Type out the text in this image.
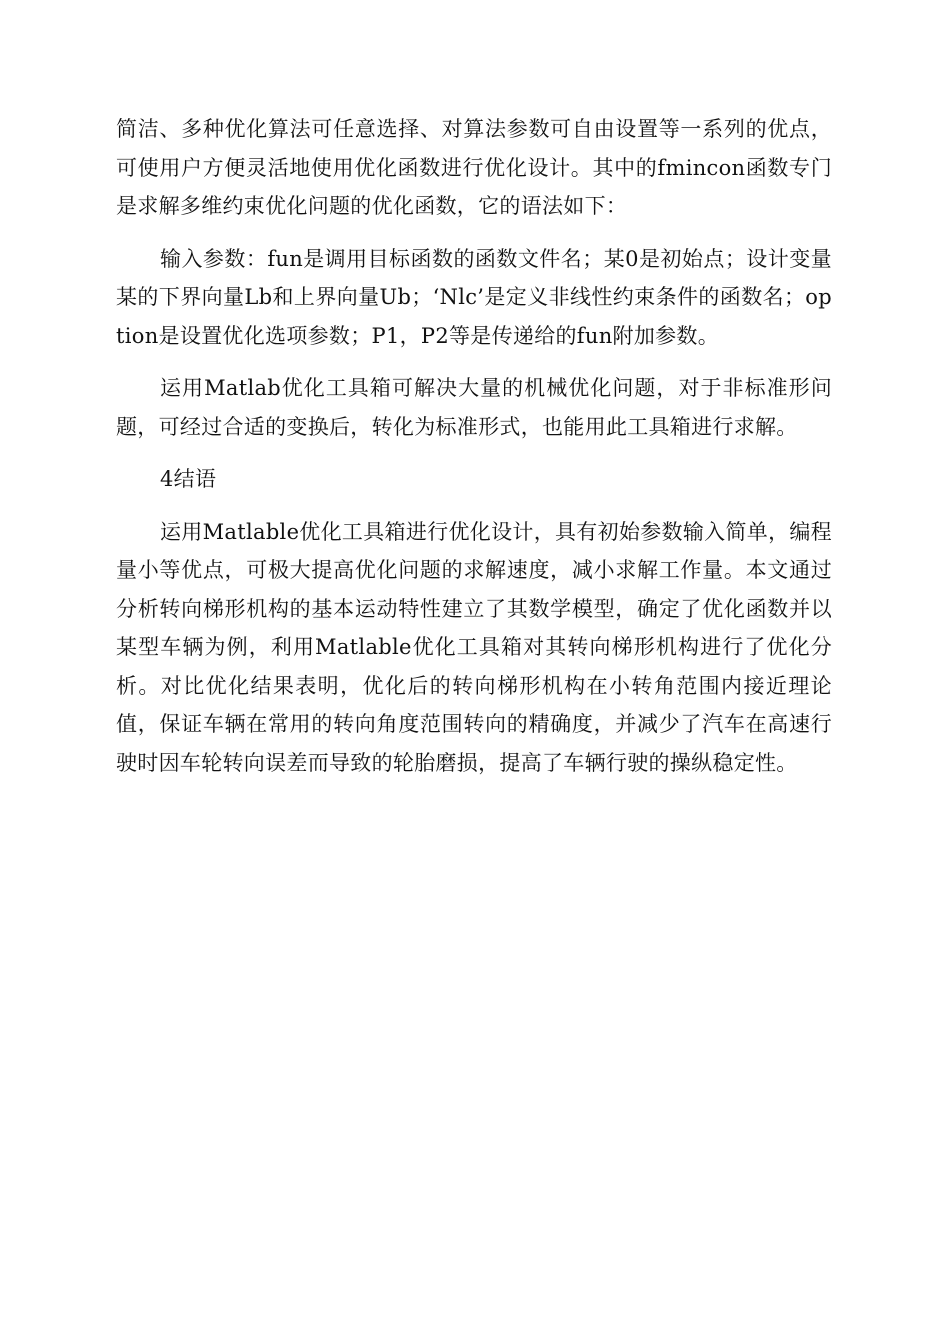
简洁、多种优化算法可任意选择、对算法参数可自由设置等一系列的优点，可使用户方便灵活地使用优化函数进行优化设计。其中的fmincon函数专门是求解多维约束优化问题的优化函数，它的语法如下：

输入参数：fun是调用目标函数的函数文件名；某0是初始点；设计变量某的下界向量Lb和上界向量Ub；‘Nlc’是定义非线性约束条件的函数名；option是设置优化选项参数；P1，P2等是传递给的fun附加参数。

运用Matlab优化工具箱可解决大量的机械优化问题，对于非标准形问题，可经过合适的变换后，转化为标准形式，也能用此工具箱进行求解。

4结语

运用Matlable优化工具箱进行优化设计，具有初始参数输入简单，编程量小等优点，可极大提高优化问题的求解速度，减小求解工作量。本文通过分析转向梯形机构的基本运动特性建立了其数学模型，确定了优化函数并以某型车辆为例，利用Matlable优化工具箱对其转向梯形机构进行了优化分析。对比优化结果表明，优化后的转向梯形机构在小转角范围内接近理论值，保证车辆在常用的转向角度范围转向的精确度，并减少了汽车在高速行驶时因车轮转向误差而导致的轮胎磨损，提高了车辆行驶的操纵稳定性。
